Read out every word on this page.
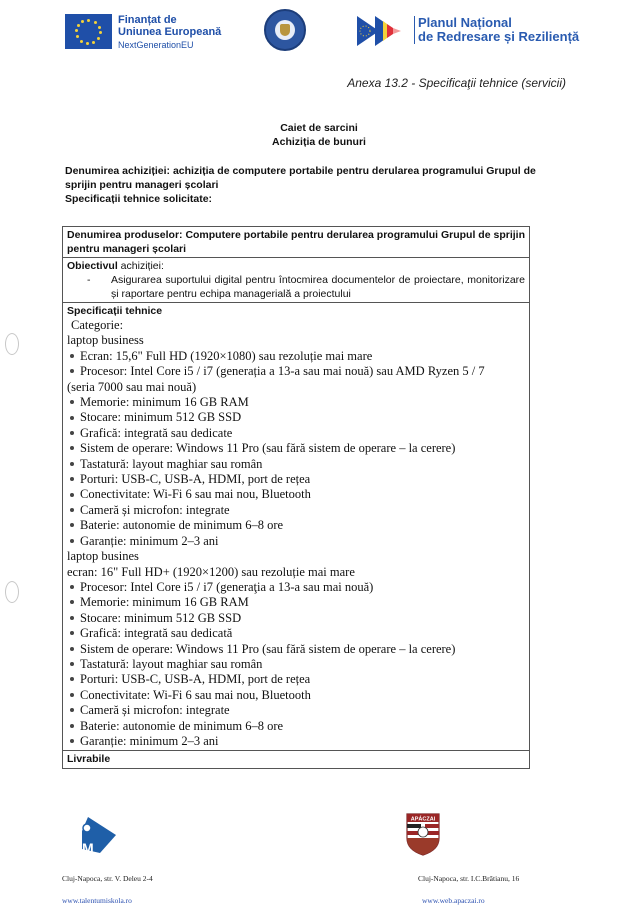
Finanțat de
Uniunea Europeană
NextGenerationEU
Planul Național
de Redresare și Reziliență
Anexa 13.2 - Specificaţii tehnice (servicii)
Caiet de sarcini
Achiziția de bunuri
Denumirea achiziției: achiziția de computere portabile pentru derularea programului Grupul de sprijin pentru manageri școlari
Specificații tehnice solicitate:
Denumirea produselor: Computere portabile pentru derularea programului Grupul de sprijin pentru manageri școlari
Obiectivul achiziției:
-	Asigurarea suportului digital pentru întocmirea documentelor de proiectare, monitorizare și raportare pentru echipa managerială a proiectului
Specificații tehnice
Categorie:
laptop business
Ecran: 15,6" Full HD (1920×1080) sau rezoluție mai mare
Procesor: Intel Core i5 / i7 (generația a 13-a sau mai nouă) sau AMD Ryzen 5 / 7
(seria 7000 sau mai nouă)
Memorie: minimum 16 GB RAM
Stocare: minimum 512 GB SSD
Grafică: integrată sau dedicate
Sistem de operare: Windows 11 Pro (sau fără sistem de operare – la cerere)
Tastatură: layout maghiar sau român
Porturi: USB-C, USB-A, HDMI, port de rețea
Conectivitate: Wi-Fi 6 sau mai nou, Bluetooth
Cameră și microfon: integrate
Baterie: autonomie de minimum 6–8 ore
Garanție: minimum 2–3 ani
laptop busines
ecran: 16" Full HD+ (1920×1200) sau rezoluție mai mare
Procesor: Intel Core i5 / i7 (generaţia a 13-a sau mai nouă)
Memorie: minimum 16 GB RAM
Stocare: minimum 512 GB SSD
Grafică: integrată sau dedicată
Sistem de operare: Windows 11 Pro (sau fără sistem de operare – la cerere)
Tastatură: layout maghiar sau român
Porturi: USB-C, USB-A, HDMI, port de rețea
Conectivitate: Wi-Fi 6 sau mai nou, Bluetooth
Cameră și microfon: integrate
Baterie: autonomie de minimum 6–8 ore
Garanție: minimum 2–3 ani
Livrabile
M
Cluj-Napoca, str. V. Deleu 2-4
www.talentumiskola.ro
APÁCZAI
Cluj-Napoca, str. I.C.Brătianu, 16
www.web.apaczai.ro
